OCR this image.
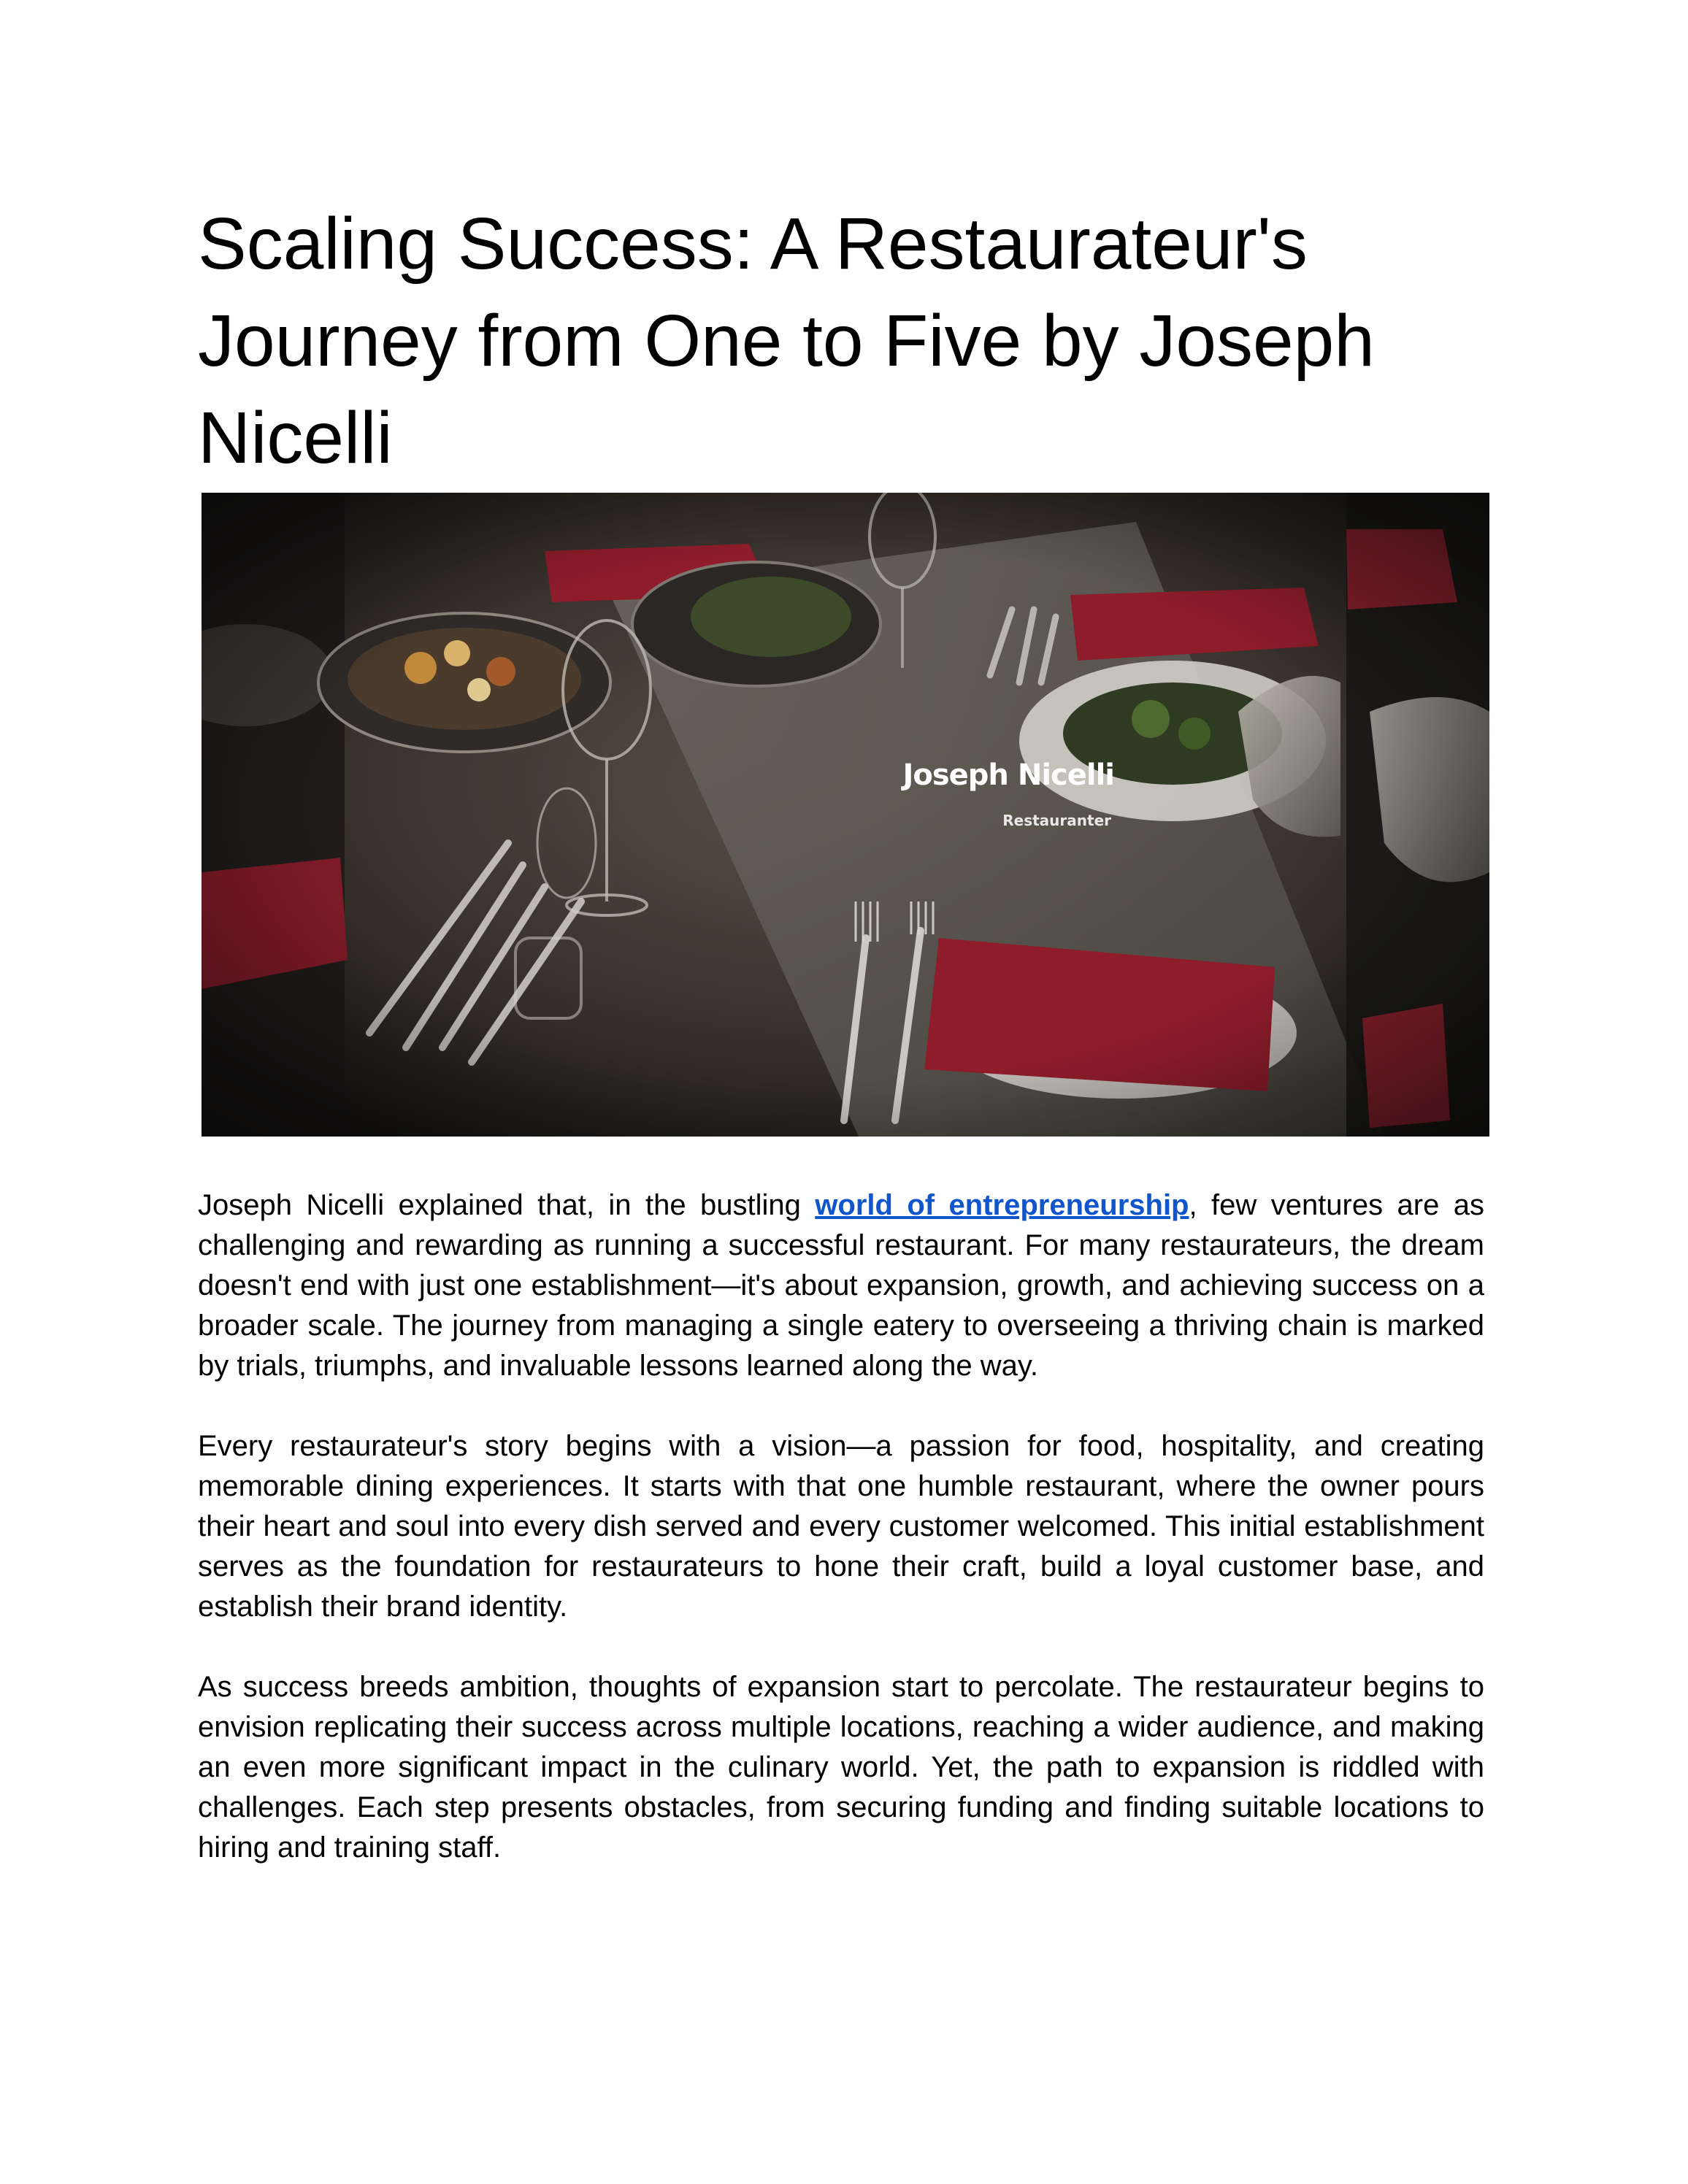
Scaling Success: A Restaurateur's
Journey from One to Five by Joseph
Nicelli
Joseph Nicelli
Restauranter

Joseph Nicelli explained that, in the bustling world of entrepreneurship, few ventures are as challenging and rewarding as running a successful restaurant. For many restaurateurs, the dream doesn't end with just one establishment—it's about expansion, growth, and achieving success on a broader scale. The journey from managing a single eatery to overseeing a thriving chain is marked by trials, triumphs, and invaluable lessons learned along the way.

Every restaurateur's story begins with a vision—a passion for food, hospitality, and creating memorable dining experiences. It starts with that one humble restaurant, where the owner pours their heart and soul into every dish served and every customer welcomed. This initial establishment serves as the foundation for restaurateurs to hone their craft, build a loyal customer base, and establish their brand identity.

As success breeds ambition, thoughts of expansion start to percolate. The restaurateur begins to envision replicating their success across multiple locations, reaching a wider audience, and making an even more significant impact in the culinary world. Yet, the path to expansion is riddled with challenges. Each step presents obstacles, from securing funding and finding suitable locations to hiring and training staff.
